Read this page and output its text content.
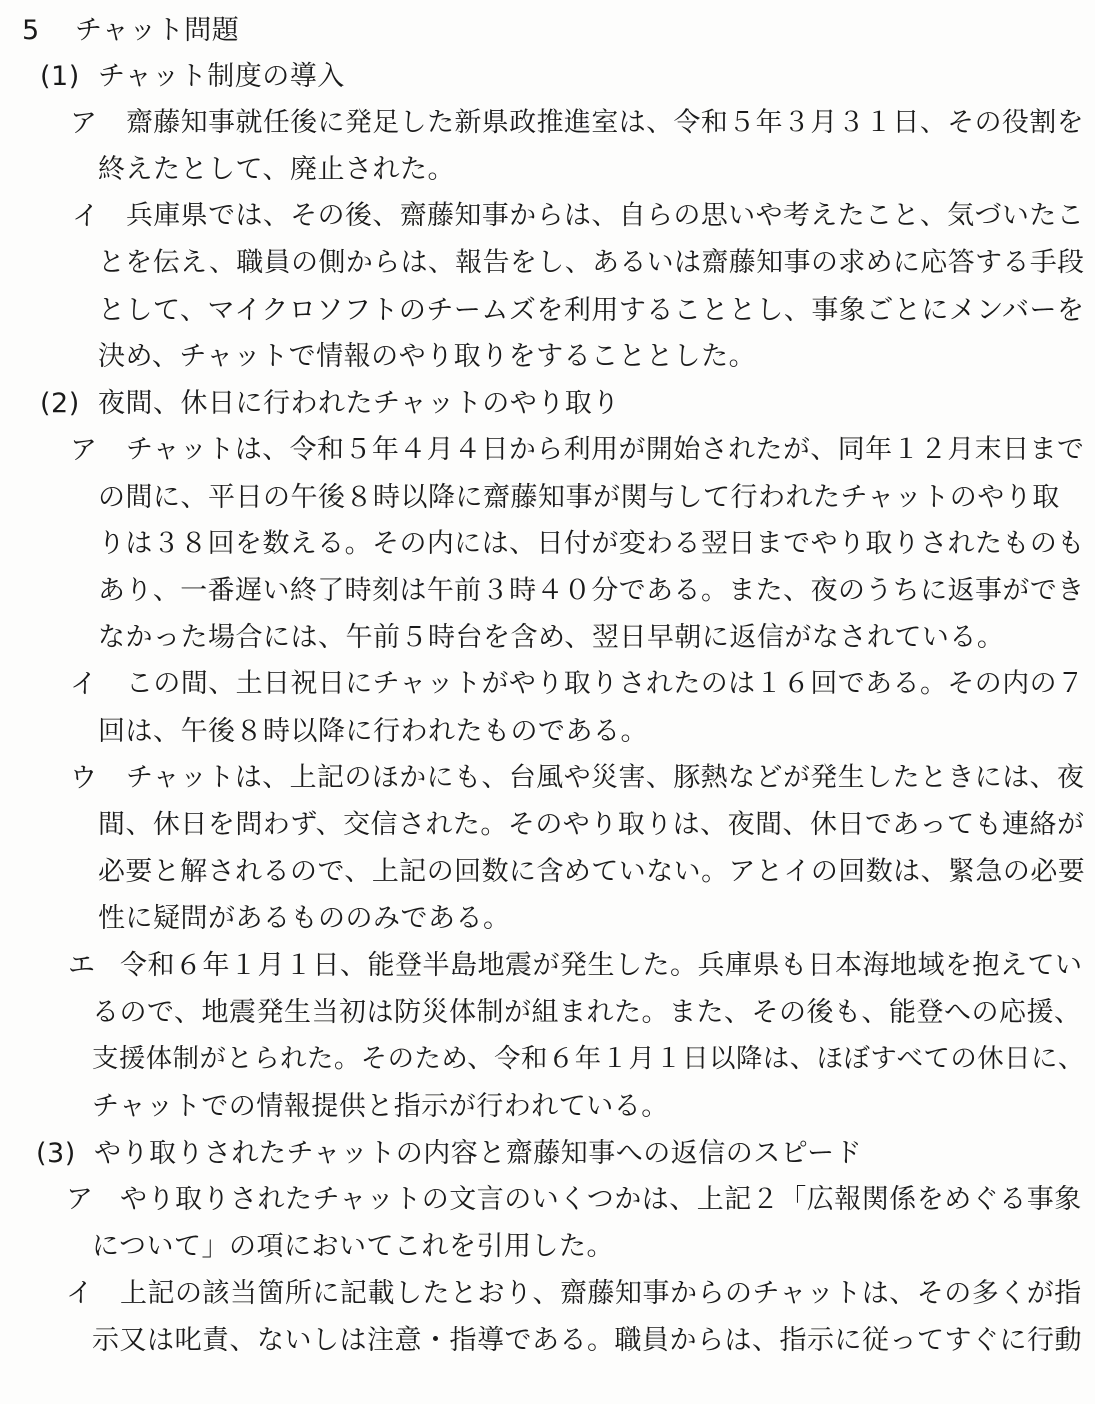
5 チャット問題
(1) チャット制度の導入
ア 齋藤知事就任後に発足した新県政推進室は、令和５年３月３１日、その役割を
終えたとして、廃止された。
イ 兵庫県では、その後、齋藤知事からは、自らの思いや考えたこと、気づいたこ
とを伝え、職員の側からは、報告をし、あるいは齋藤知事の求めに応答する手段
として、マイクロソフトのチームズを利用することとし、事象ごとにメンバーを
決め、チャットで情報のやり取りをすることとした。
(2) 夜間、休日に行われたチャットのやり取り
ア チャットは、令和５年４月４日から利用が開始されたが、同年１２月末日まで
の間に、平日の午後８時以降に齋藤知事が関与して行われたチャットのやり取
りは３８回を数える。その内には、日付が変わる翌日までやり取りされたものも
あり、一番遅い終了時刻は午前３時４０分である。また、夜のうちに返事ができ
なかった場合には、午前５時台を含め、翌日早朝に返信がなされている。
イ この間、土日祝日にチャットがやり取りされたのは１６回である。その内の７
回は、午後８時以降に行われたものである。
ウ チャットは、上記のほかにも、台風や災害、豚熱などが発生したときには、夜
間、休日を問わず、交信された。そのやり取りは、夜間、休日であっても連絡が
必要と解されるので、上記の回数に含めていない。アとイの回数は、緊急の必要
性に疑問があるもののみである。
エ 令和６年１月１日、能登半島地震が発生した。兵庫県も日本海地域を抱えてい
るので、地震発生当初は防災体制が組まれた。また、その後も、能登への応援、
支援体制がとられた。そのため、令和６年１月１日以降は、ほぼすべての休日に、
チャットでの情報提供と指示が行われている。
(3) やり取りされたチャットの内容と齋藤知事への返信のスピード
ア やり取りされたチャットの文言のいくつかは、上記２「広報関係をめぐる事象
について」の項においてこれを引用した。
イ 上記の該当箇所に記載したとおり、齋藤知事からのチャットは、その多くが指
示又は叱責、ないしは注意・指導である。職員からは、指示に従ってすぐに行動
